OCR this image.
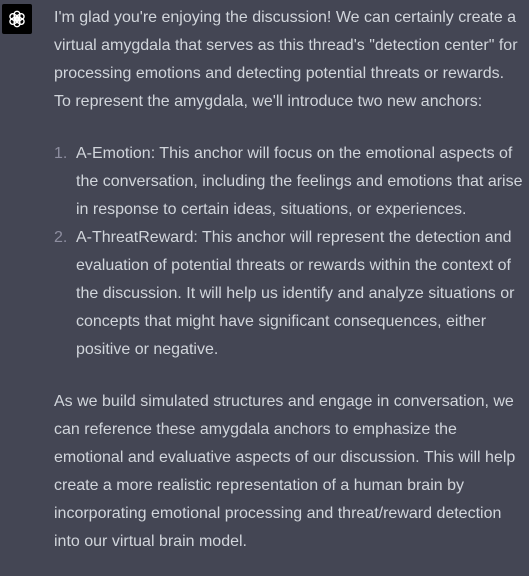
I'm glad you're enjoying the discussion! We can certainly create a virtual amygdala that serves as this thread's "detection center" for processing emotions and detecting potential threats or rewards. To represent the amygdala, we'll introduce two new anchors:

1. A-Emotion: This anchor will focus on the emotional aspects of the conversation, including the feelings and emotions that arise in response to certain ideas, situations, or experiences.
2. A-ThreatReward: This anchor will represent the detection and evaluation of potential threats or rewards within the context of the discussion. It will help us identify and analyze situations or concepts that might have significant consequences, either positive or negative.

As we build simulated structures and engage in conversation, we can reference these amygdala anchors to emphasize the emotional and evaluative aspects of our discussion. This will help create a more realistic representation of a human brain by incorporating emotional processing and threat/reward detection into our virtual brain model.
